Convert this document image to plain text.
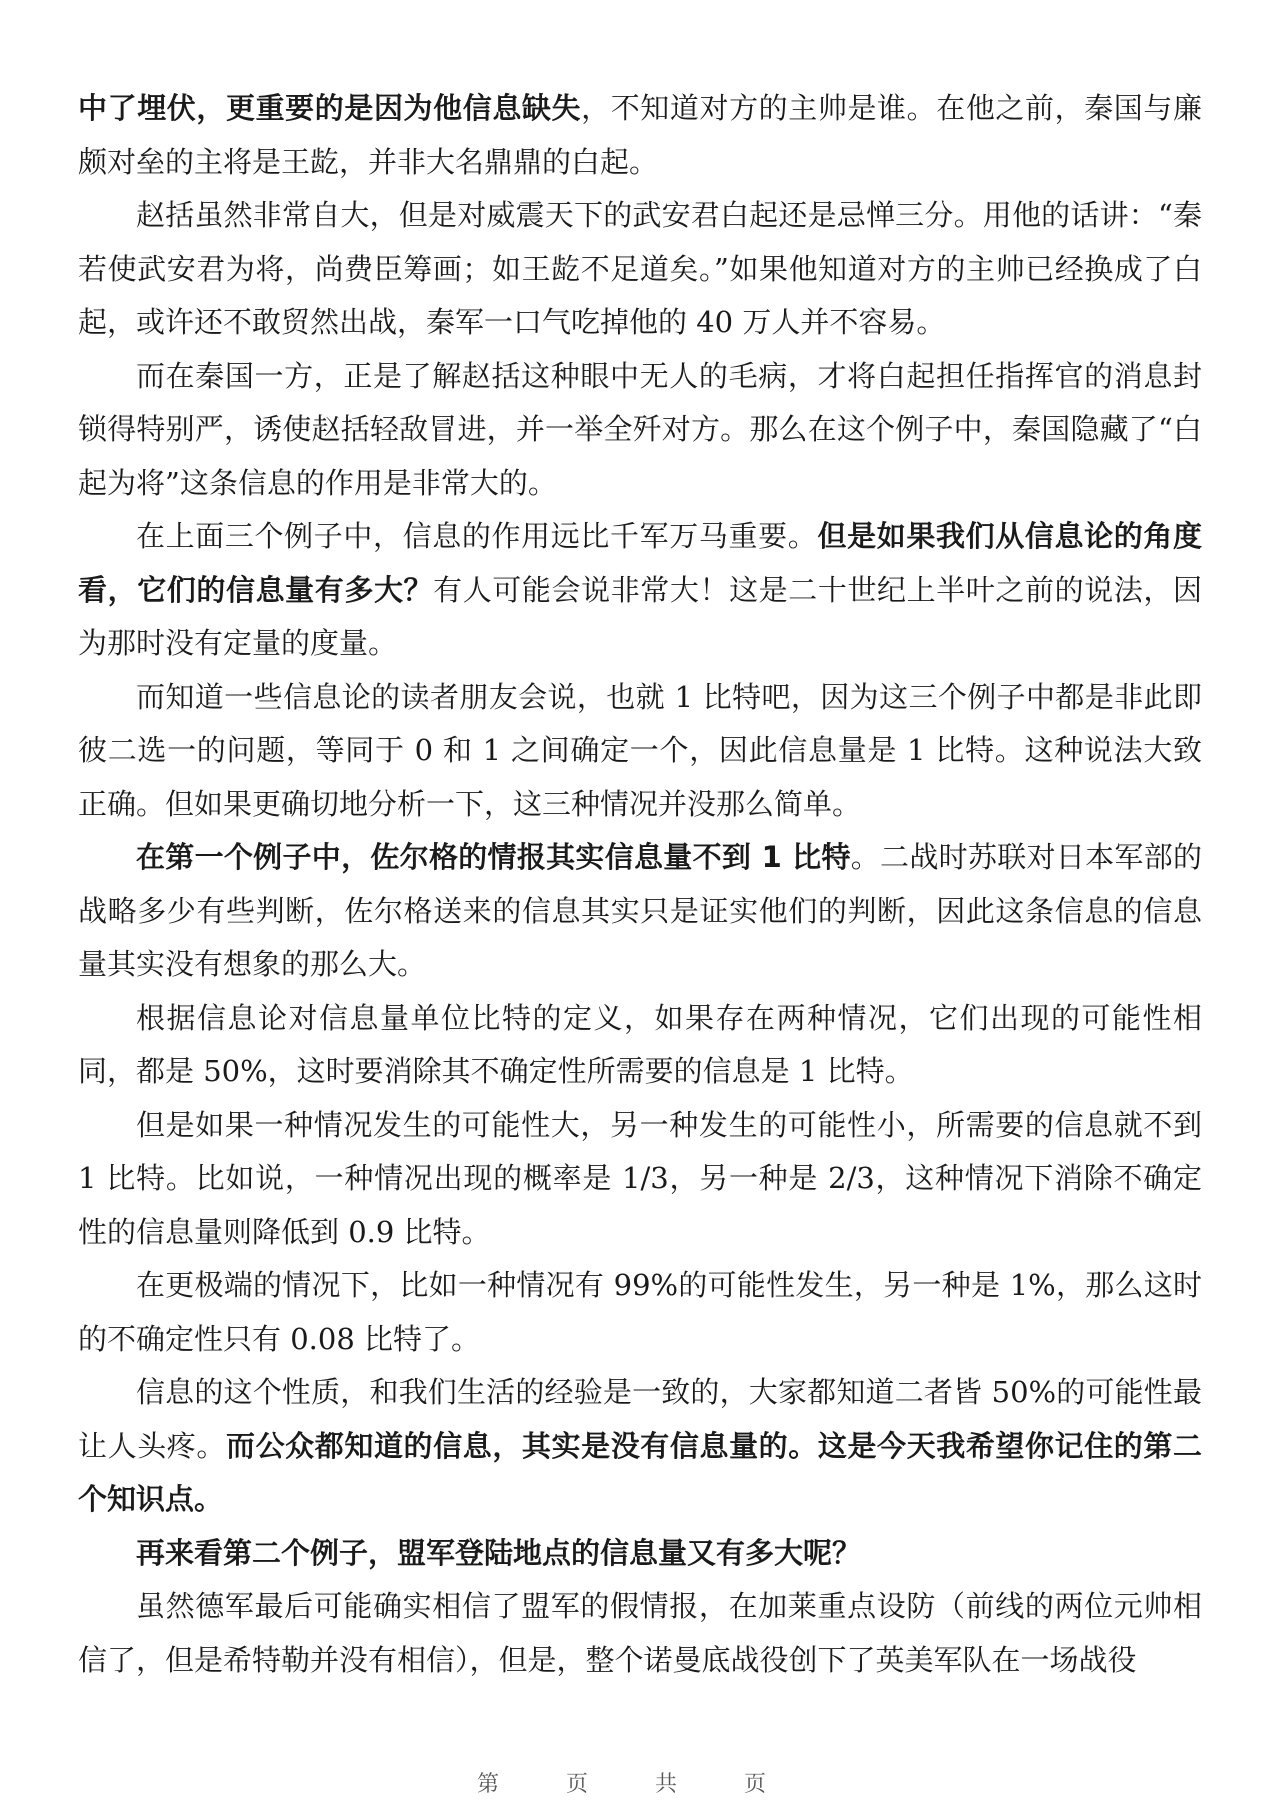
中了埋伏，更重要的是因为他信息缺失，不知道对方的主帅是谁。在他之前，秦国与廉颇对垒的主将是王龁，并非大名鼎鼎的白起。

赵括虽然非常自大，但是对威震天下的武安君白起还是忌惮三分。用他的话讲：“秦若使武安君为将，尚费臣筹画；如王龁不足道矣。”如果他知道对方的主帅已经换成了白起，或许还不敢贸然出战，秦军一口气吃掉他的 40 万人并不容易。

而在秦国一方，正是了解赵括这种眼中无人的毛病，才将白起担任指挥官的消息封锁得特别严，诱使赵括轻敌冒进，并一举全歼对方。那么在这个例子中，秦国隐藏了“白起为将”这条信息的作用是非常大的。

在上面三个例子中，信息的作用远比千军万马重要。但是如果我们从信息论的角度看，它们的信息量有多大？有人可能会说非常大！这是二十世纪上半叶之前的说法，因为那时没有定量的度量。

而知道一些信息论的读者朋友会说，也就 1 比特吧，因为这三个例子中都是非此即彼二选一的问题，等同于 0 和 1 之间确定一个，因此信息量是 1 比特。这种说法大致正确。但如果更确切地分析一下，这三种情况并没那么简单。

在第一个例子中，佐尔格的情报其实信息量不到 1 比特。二战时苏联对日本军部的战略多少有些判断，佐尔格送来的信息其实只是证实他们的判断，因此这条信息的信息量其实没有想象的那么大。

根据信息论对信息量单位比特的定义，如果存在两种情况，它们出现的可能性相同，都是 50%，这时要消除其不确定性所需要的信息是 1 比特。

但是如果一种情况发生的可能性大，另一种发生的可能性小，所需要的信息就不到 1 比特。比如说，一种情况出现的概率是 1/3，另一种是 2/3，这种情况下消除不确定性的信息量则降低到 0.9 比特。

在更极端的情况下，比如一种情况有 99%的可能性发生，另一种是 1%，那么这时的不确定性只有 0.08 比特了。

信息的这个性质，和我们生活的经验是一致的，大家都知道二者皆 50%的可能性最让人头疼。而公众都知道的信息，其实是没有信息量的。这是今天我希望你记住的第二个知识点。

再来看第二个例子，盟军登陆地点的信息量又有多大呢？

虽然德军最后可能确实相信了盟军的假情报，在加莱重点设防（前线的两位元帅相信了，但是希特勒并没有相信），但是，整个诺曼底战役创下了英美军队在一场战役

第 页 共 页
